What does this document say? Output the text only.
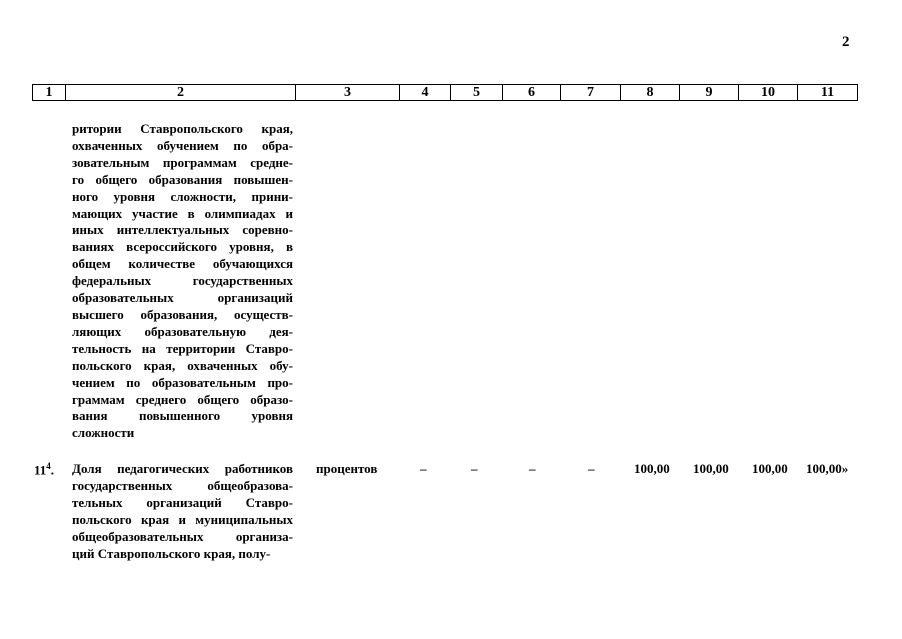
2
1	2	3	4	5	6	7	8	9	10	11
ритории Ставропольского края,
охваченных обучением по обра-
зовательным программам средне-
го общего образования повышен-
ного уровня сложности, прини-
мающих участие в олимпиадах и
иных интеллектуальных соревно-
ваниях всероссийского уровня, в
общем количестве обучающихся
федеральных государственных
образовательных организаций
высшего образования, осуществ-
ляющих образовательную дея-
тельность на территории Ставро-
польского края, охваченных обу-
чением по образовательным про-
граммам среднего общего образо-
вания повышенного уровня
сложности
$11^4$. Доля педагогических работников
государственных общеобразова-
тельных организаций Ставро-
польского края и муниципальных
общеобразовательных организа-
ций Ставропольского края, полу-
процентов	–	–	–	–	100,00 100,00 100,00 100,00»
